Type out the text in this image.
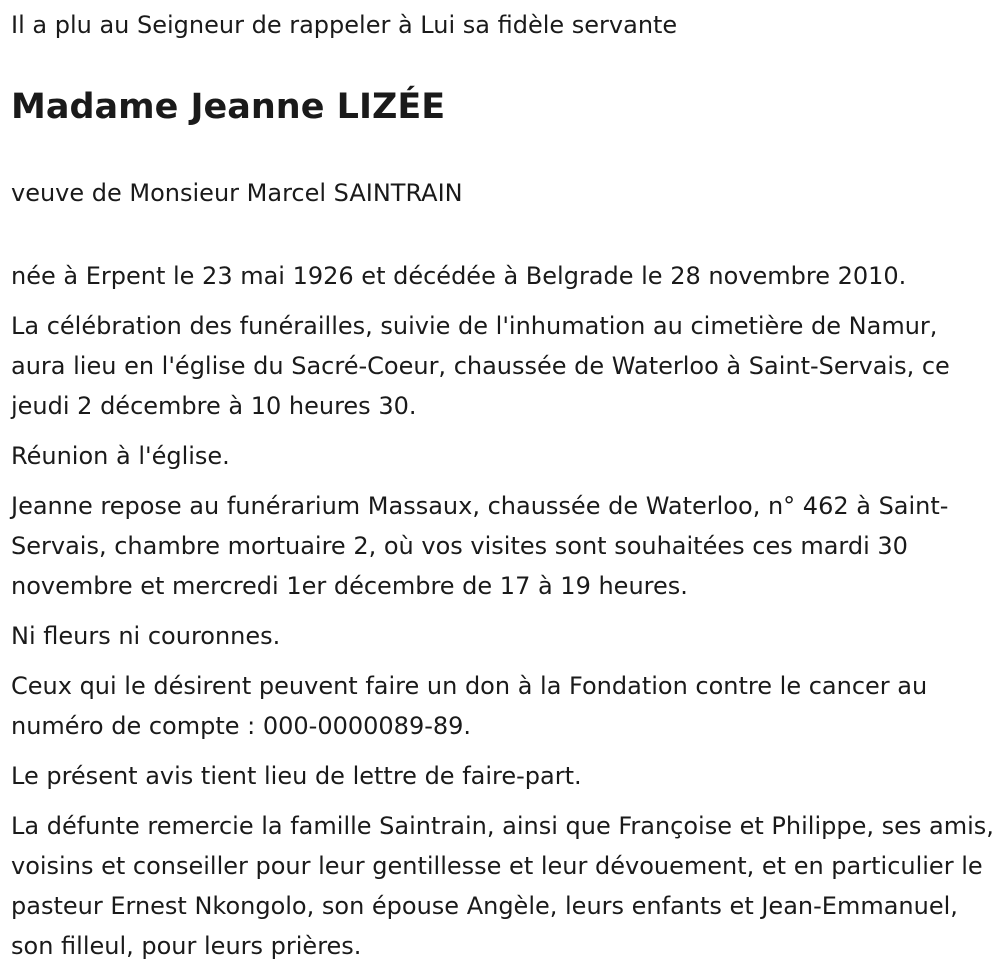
Il a plu au Seigneur de rappeler à Lui sa fidèle servante
Madame Jeanne LIZÉE
veuve de Monsieur Marcel SAINTRAIN

née à Erpent le 23 mai 1926 et décédée à Belgrade le 28 novembre 2010.

La célébration des funérailles, suivie de l'inhumation au cimetière de Namur, aura lieu en l'église du Sacré-Coeur, chaussée de Waterloo à Saint-Servais, ce jeudi 2 décembre à 10 heures 30.

Réunion à l'église.

Jeanne repose au funérarium Massaux, chaussée de Waterloo, n° 462 à Saint-Servais, chambre mortuaire 2, où vos visites sont souhaitées ces mardi 30 novembre et mercredi 1er décembre de 17 à 19 heures.

Ni fleurs ni couronnes.

Ceux qui le désirent peuvent faire un don à la Fondation contre le cancer au numéro de compte : 000-0000089-89.

Le présent avis tient lieu de lettre de faire-part.

La défunte remercie la famille Saintrain, ainsi que Françoise et Philippe, ses amis, voisins et conseiller pour leur gentillesse et leur dévouement, et en particulier le pasteur Ernest Nkongolo, son épouse Angèle, leurs enfants et Jean-Emmanuel, son filleul, pour leurs prières.
